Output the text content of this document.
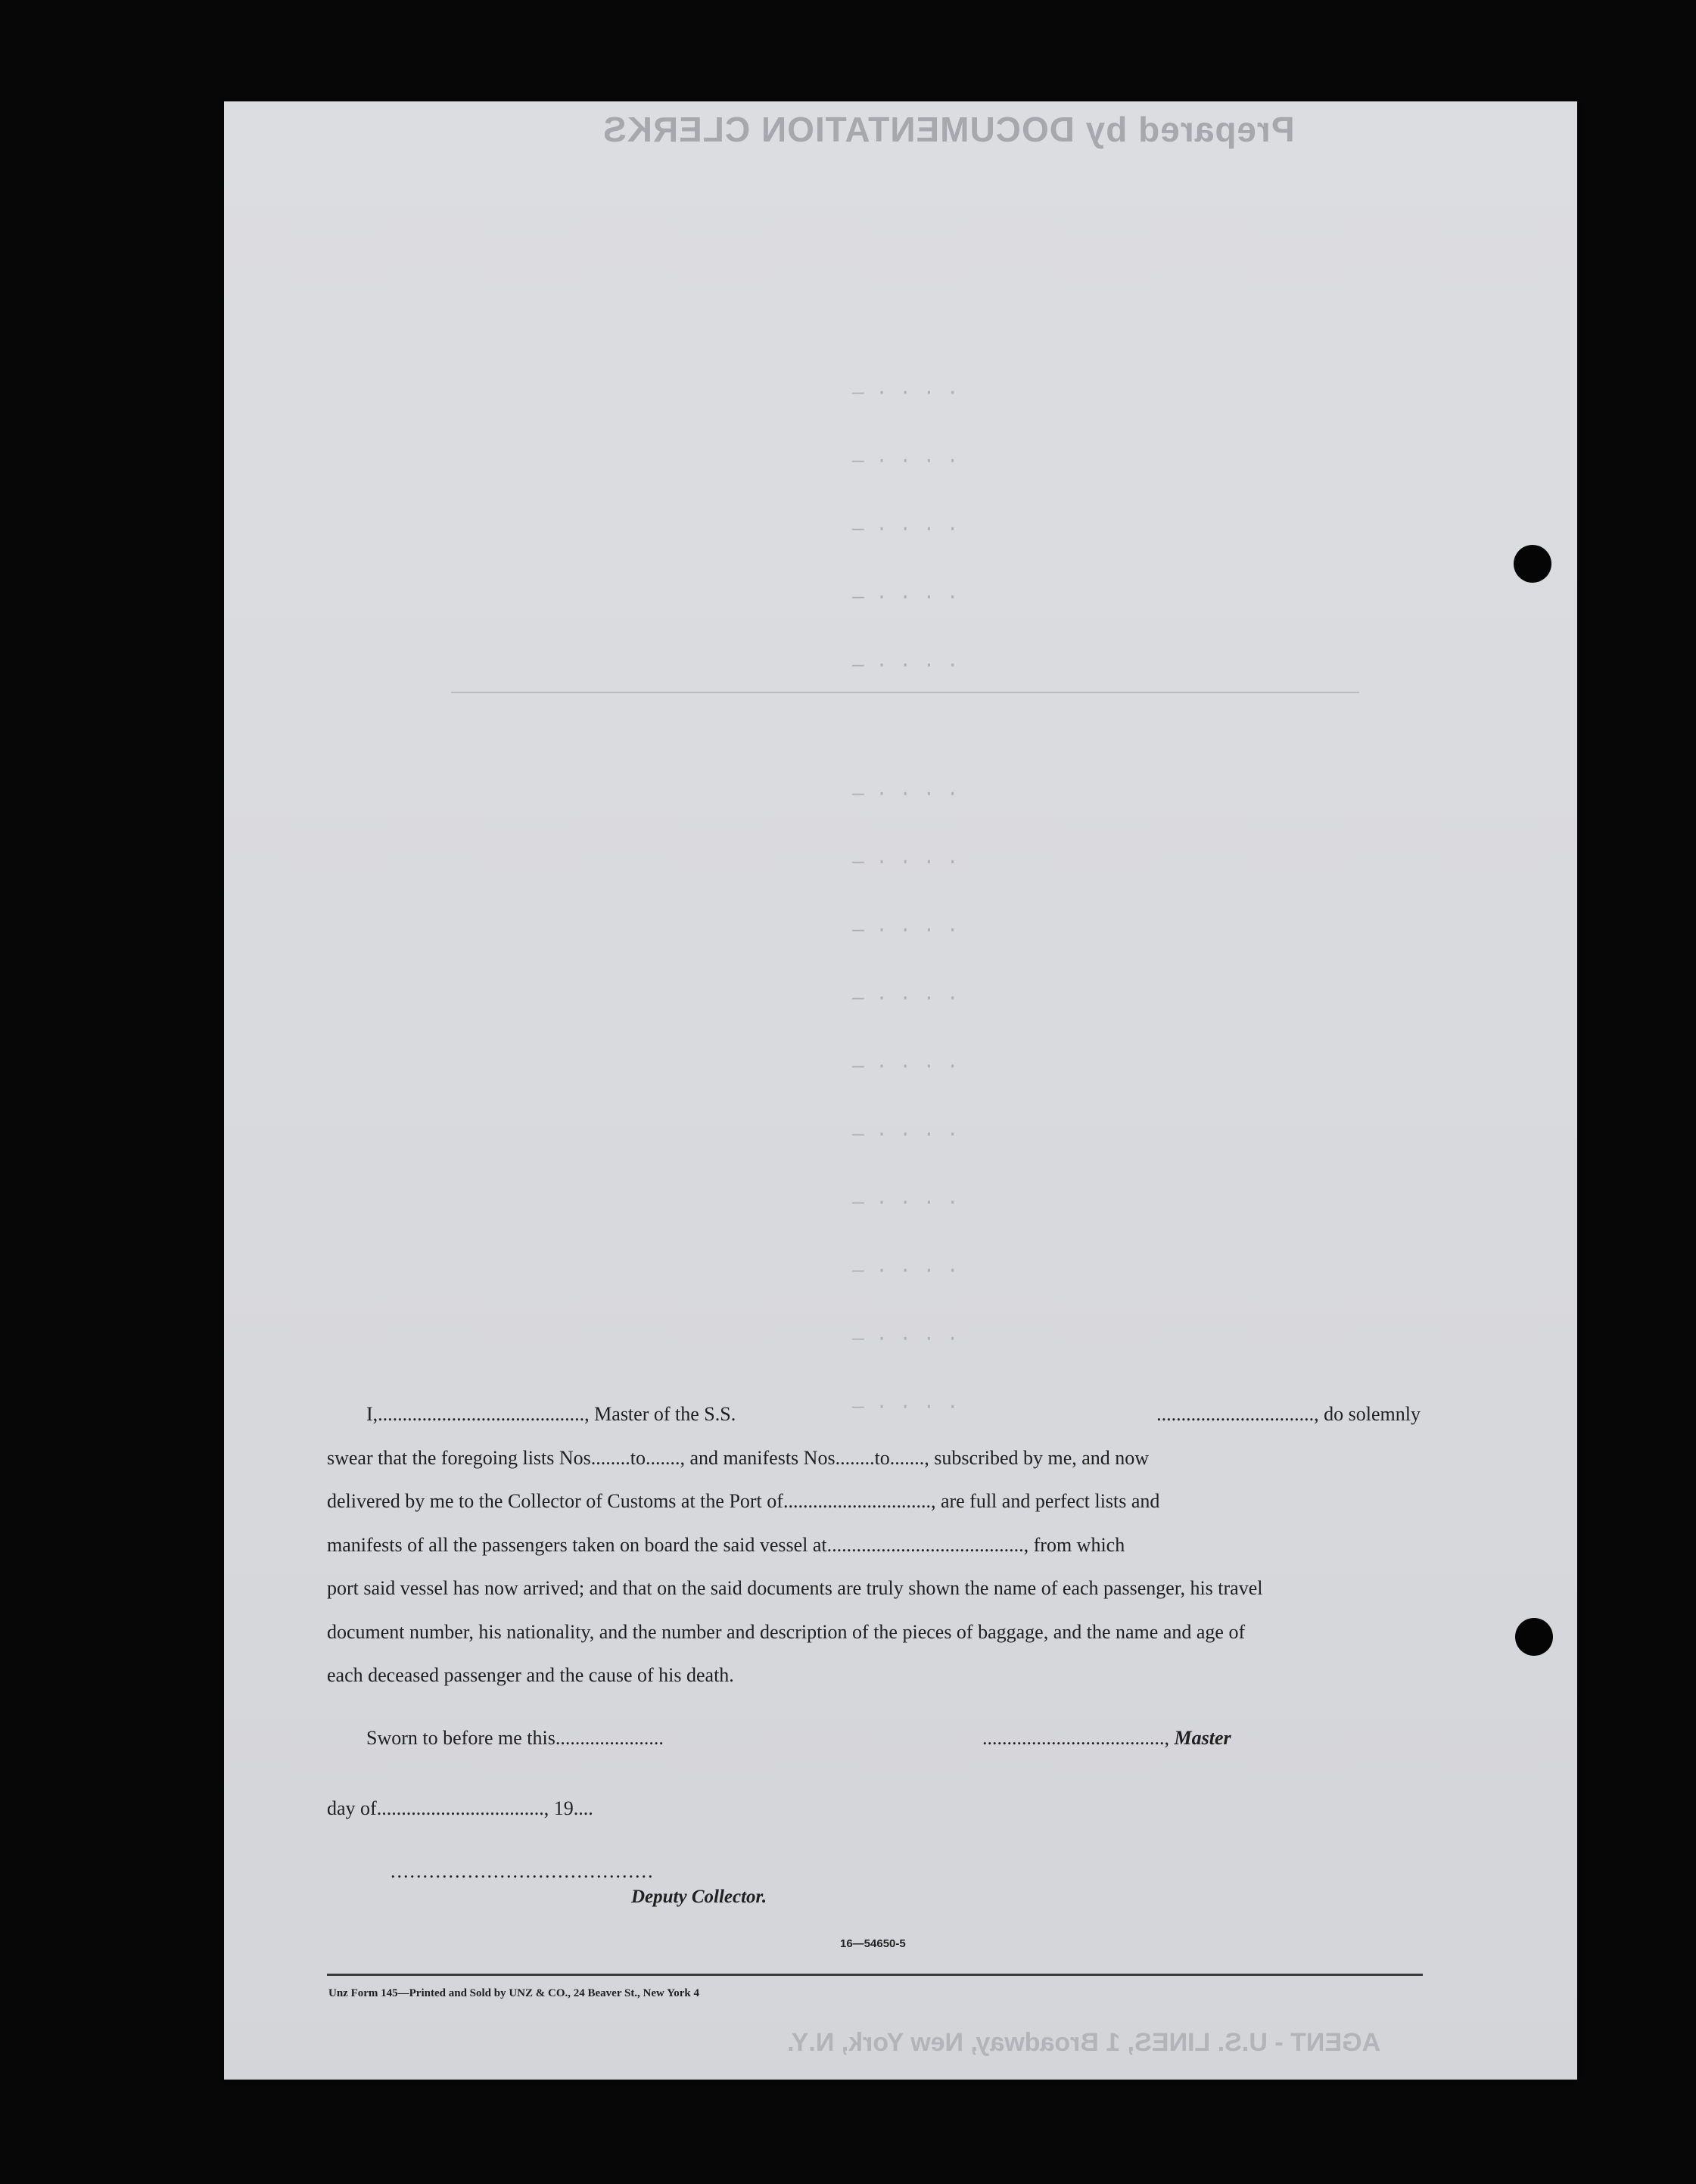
Prepared by DOCUMENTATION CLERKS
— · · · ·
— · · · ·
— · · · ·
— · · · ·
— · · · ·
— · · · ·
— · · · ·
— · · · ·
— · · · ·
— · · · ·
— · · · ·
— · · · ·
— · · · ·
— · · · ·
— · · · ·
I,.........................................., Master of the S.S.	................................, do solemnly
swear that the foregoing lists Nos........to......., and manifests Nos........to......., subscribed by me, and now
delivered by me to the Collector of Customs at the Port of.............................., are full and perfect lists and
manifests of all the passengers taken on board the said vessel at........................................, from which
port said vessel has now arrived; and that on the said documents are truly shown the name of each passenger, his travel
document number, his nationality, and the number and description of the pieces of baggage, and the name and age of
each deceased passenger and the cause of his death.
Sworn to before me this......................	....................................., Master
day of.................................., 19....
.........................................
Deputy Collector.
16—54650-5
Unz Form 145—Printed and Sold by UNZ & CO., 24 Beaver St., New York 4
AGENT - U.S. LINES, 1 Broadway, New York, N.Y.
